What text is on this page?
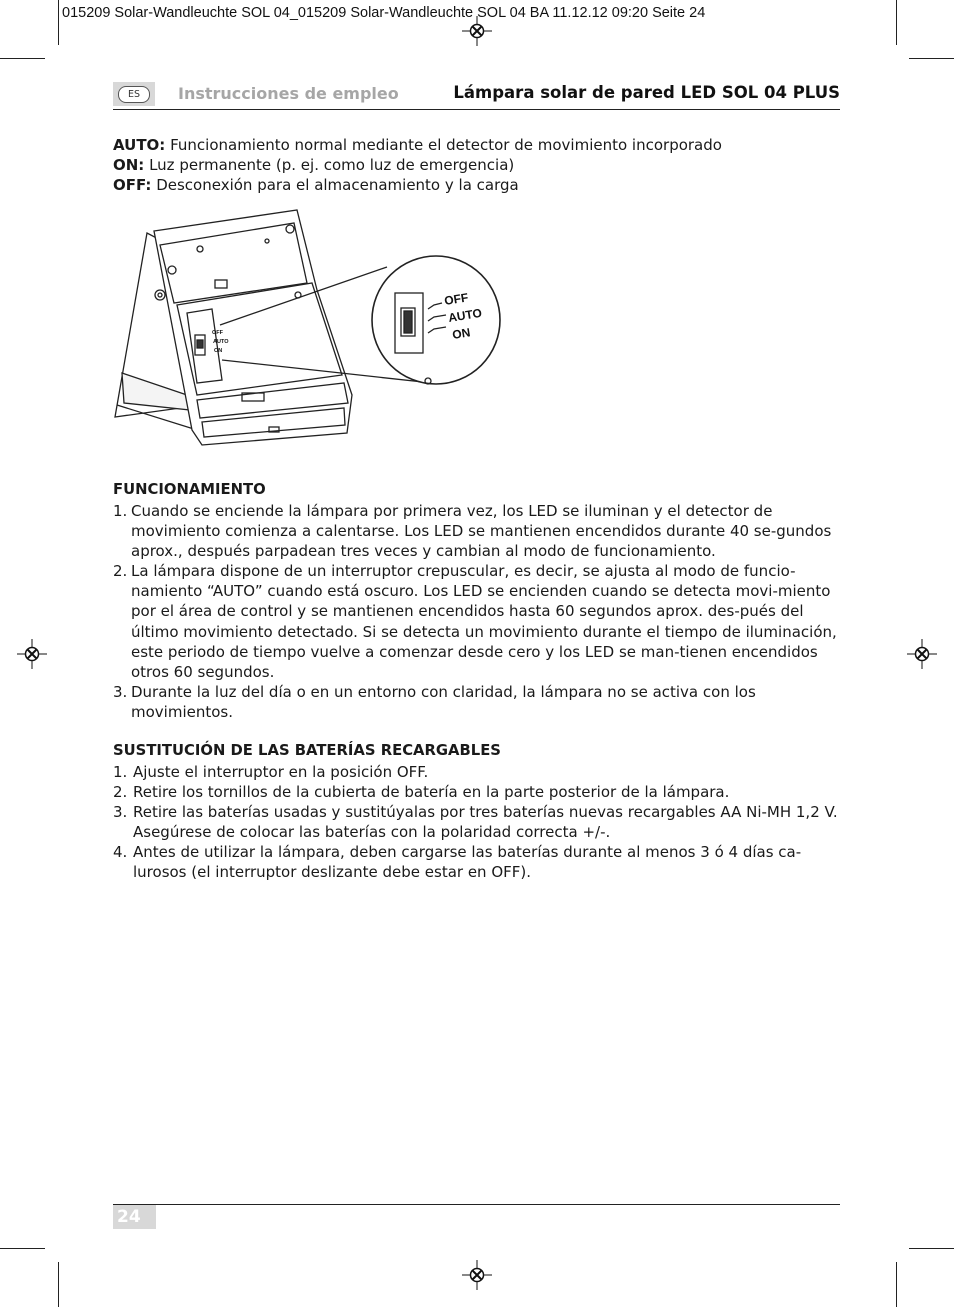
015209 Solar-Wandleuchte SOL 04_015209 Solar-Wandleuchte SOL 04 BA 11.12.12 09:20 Seite 24
ES	Instrucciones de empleo	Lámpara solar de pared LED SOL 04 PLUS
AUTO: Funcionamiento normal mediante el detector de movimiento incorporado
ON: Luz permanente (p. ej. como luz de emergencia)
OFF: Desconexión para el almacenamiento y la carga
OFF
AUTO
ON
OFF
AUTO
ON
FUNCIONAMIENTO
1. Cuando se enciende la lámpara por primera vez, los LED se iluminan y el detector de movimiento comienza a calentarse. Los LED se mantienen encendidos durante 40 se-gundos aprox., después parpadean tres veces y cambian al modo de funcionamiento.
2. La lámpara dispone de un interruptor crepuscular, es decir, se ajusta al modo de funcio-namiento “AUTO” cuando está oscuro. Los LED se encienden cuando se detecta movi-miento por el área de control y se mantienen encendidos hasta 60 segundos aprox. des-pués del último movimiento detectado. Si se detecta un movimiento durante el tiempo de iluminación, este periodo de tiempo vuelve a comenzar desde cero y los LED se man-tienen encendidos otros 60 segundos.
3. Durante la luz del día o en un entorno con claridad, la lámpara no se activa con los movimientos.
SUSTITUCIÓN DE LAS BATERÍAS RECARGABLES
1. Ajuste el interruptor en la posición OFF.
2. Retire los tornillos de la cubierta de batería en la parte posterior de la lámpara.
3. Retire las baterías usadas y sustitúyalas por tres baterías nuevas recargables AA Ni-MH 1,2 V. Asegúrese de colocar las baterías con la polaridad correcta +/-.
4. Antes de utilizar la lámpara, deben cargarse las baterías durante al menos 3 ó 4 días ca-lurosos (el interruptor deslizante debe estar en OFF).
24
